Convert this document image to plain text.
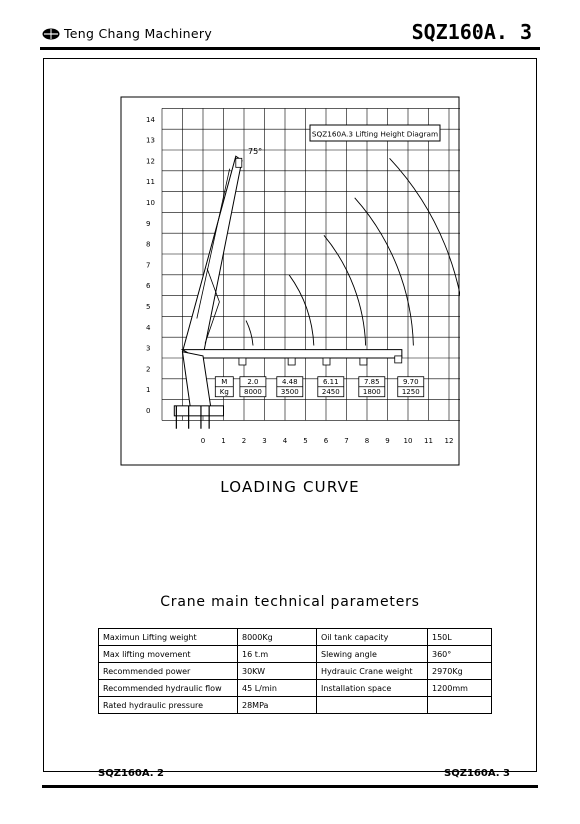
Teng Chang Machinery	SQZ160A. 3
0
1
2
3
4
5
6
7
8
9
10
11
12
13
14
0 1 2 3 4 5 6 7 8 9 10 11 12
M
Kg
2.0
8000
4.48
3500
6.11
2450
7.85
1800
9.70
1250
SQZ160A.3 Lifting Height Diagram
75°
LOADING CURVE
Crane main technical parameters
Maximun Lifting weight	8000Kg	Oil tank capacity	150L
Max lifting movement	16 t.m	Slewing angle	360°
Recommended power	30KW	Hydrauic Crane weight	2970Kg
Recommended hydraulic flow	45 L/min	Installation space	1200mm
Rated hydraulic pressure	28MPa		
SQZ160A. 2	SQZ160A. 3
